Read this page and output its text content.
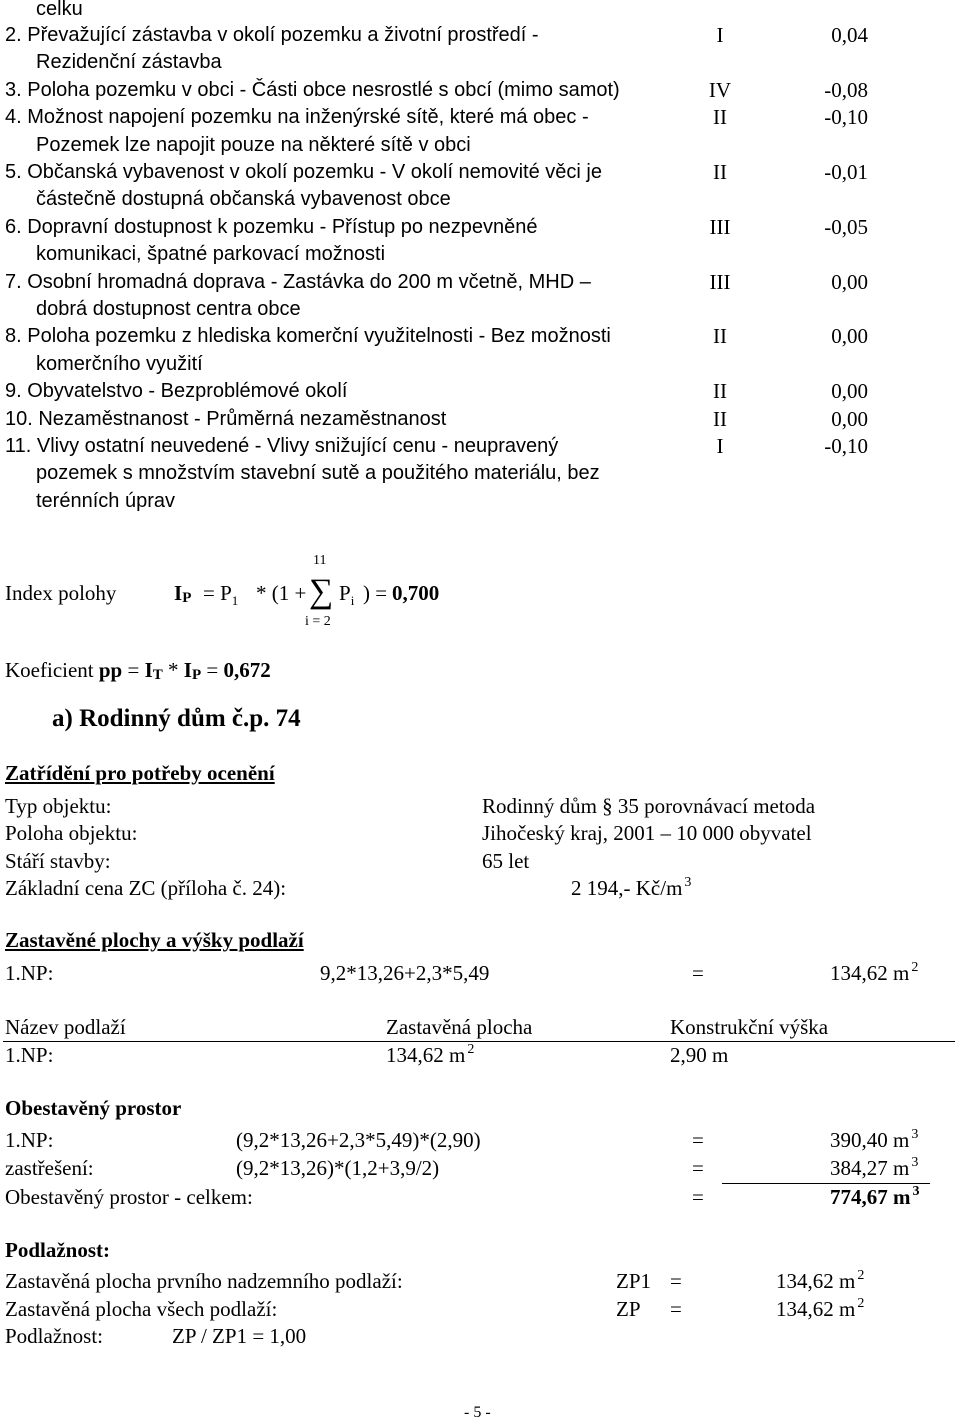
celku
2. Převažující zástavba v okolí pozemku a životní prostředí -
Rezidenční zástavba
I	0,04
3. Poloha pozemku v obci - Části obce nesrostlé s obcí (mimo samot)	IV	-0,08
4. Možnost napojení pozemku na inženýrské sítě, které má obec -
Pozemek lze napojit pouze na některé sítě v obci
II	-0,10
5. Občanská vybavenost v okolí pozemku - V okolí nemovité věci je
částečně dostupná občanská vybavenost obce
II	-0,01
6. Dopravní dostupnost k pozemku - Přístup po nezpevněné
komunikaci, špatné parkovací možnosti
III	-0,05
7. Osobní hromadná doprava - Zastávka do 200 m včetně, MHD –
dobrá dostupnost centra obce
III	0,00
8. Poloha pozemku z hlediska komerční využitelnosti - Bez možnosti
komerčního využití
II	0,00
9. Obyvatelstvo - Bezproblémové okolí	II	0,00
10. Nezaměstnanost - Průměrná nezaměstnanost	II	0,00
11. Vlivy ostatní neuvedené - Vlivy snižující cenu - neupravený
pozemek s množstvím stavební sutě a použitého materiálu, bez
terénních úprav
I	-0,10
Index polohy	IP = $P_1 * (1$ +
11
∑
i = 2
$P_i$ ) = 0,700
Koeficient pp = IT * IP = 0,672
a) Rodinný dům č.p. 74
Zatřídění pro potřeby ocenění
Typ objektu:	Rodinný dům § 35 porovnávací metoda
Poloha objektu:	Jihočeský kraj, 2001 – 10 000 obyvatel
Stáří stavby:	65 let
Základní cena ZC (příloha č. 24):	2 194,- Kč/m $^3$
Zastavěné plochy a výšky podlaží
1.NP:	9,2*13,26+2,3*5,49	=	134,62 m $^2$
Název podlaží	Zastavěná plocha	Konstrukční výška
1.NP:	134,62 m $^2$	2,90 m
Obestavěný prostor
1.NP:	(9,2*13,26+2,3*5,49)*(2,90)	=	390,40 m $^3$
zastřešení:	(9,2*13,26)*(1,2+3,9/2)	=	384,27 m $^3$
Obestavěný prostor - celkem:	=	774,67 m $^3$
Podlažnost:
Zastavěná plocha prvního nadzemního podlaží:	ZP1 =	134,62 m $^2$
Zastavěná plocha všech podlaží:	ZP =	134,62 m $^2$
Podlažnost:	ZP / ZP1 = 1,00
- 5 -
